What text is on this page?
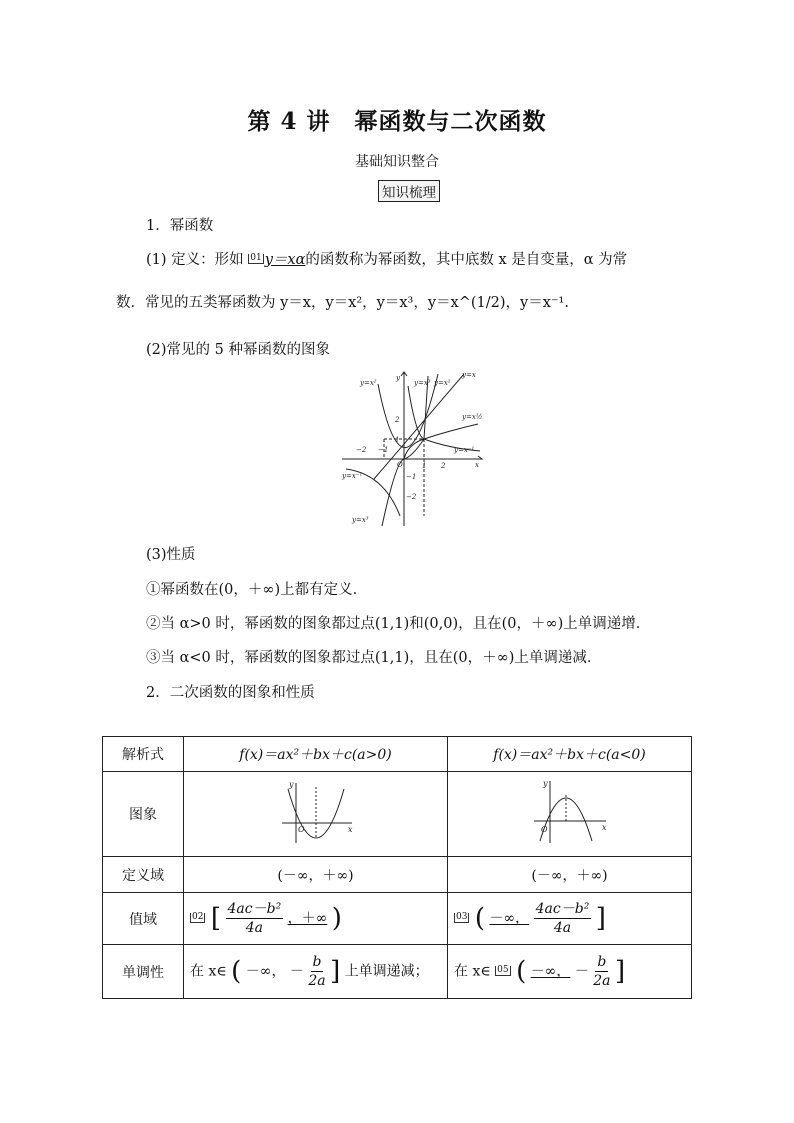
第 4 讲　幂函数与二次函数
基础知识整合
知识梳理
1．幂函数
(1) 定义：形如 01 y＝xα的函数称为幂函数，其中底数 x 是自变量，α 为常
数．常见的五类幂函数为 y＝x，y＝x²，y＝x³，y＝x^(1/2)，y＝x⁻¹.
(2)常见的 5 种幂函数的图象
y=x²	y=x³ y=x²
y=x
y=x½
y=x⁻¹
y=x⁻¹
y=x³
y
x
O
2
1
−1
−2
1 2
−1
−2
(3)性质
①幂函数在(0，＋∞)上都有定义．
②当 α>0 时，幂函数的图象都过点(1,1)和(0,0)，且在(0，＋∞)上单调递增．
③当 α<0 时，幂函数的图象都过点(1,1)，且在(0，＋∞)上单调递减．
2．二次函数的图象和性质
解析式	f(x)＝ax²＋bx＋c(a>0)	f(x)＝ax²＋bx＋c(a<0)
图象	y
x
O	y
x
O

定义域	(－∞，＋∞)	(－∞，＋∞)
值域	02 [ $\frac{\text{4ac－b²}}{4a}$ ，＋∞ )	03 ( －∞， $\frac{\text{4ac－b²}}{4a}$ ]
单调性	在 x∈ ( －∞， － $\frac{b}{2a}$ ] 上单调递减；	在 x∈ 05 ( －∞， － $\frac{b}{2a}$ ]
